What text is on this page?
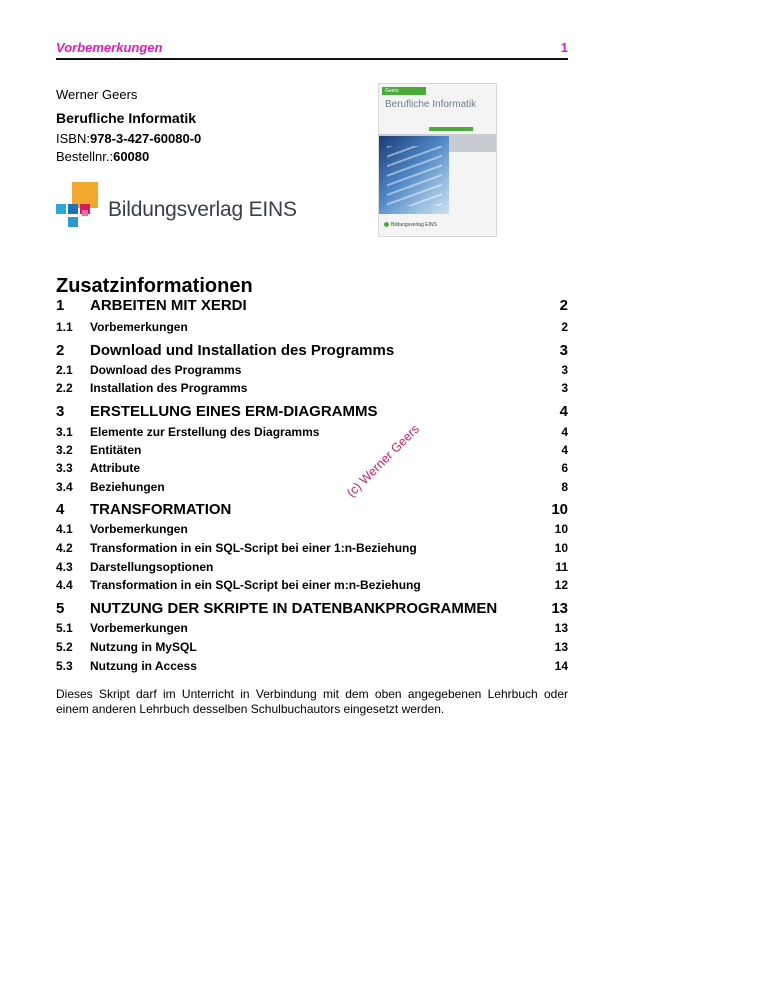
Vorbemerkungen	1
Werner Geers
Berufliche Informatik
ISBN:978-3-427-60080-0
Bestellnr.:60080
Bildungsverlag EINS
Geers
Berufliche Informatik
Bildungsverlag EINS
Zusatzinformationen
1 ARBEITEN MIT XERDI	2
1.1 Vorbemerkungen	2
2 Download und Installation des Programms	3
2.1 Download des Programms	3
2.2 Installation des Programms	3
3 ERSTELLUNG EINES ERM-DIAGRAMMS	4
3.1 Elemente zur Erstellung des Diagramms	4
3.2 Entitäten	4
3.3 Attribute	6
3.4 Beziehungen	8
4 TRANSFORMATION	10
4.1 Vorbemerkungen	10
4.2 Transformation in ein SQL-Script bei einer 1:n-Beziehung	10
4.3 Darstellungsoptionen	11
4.4 Transformation in ein SQL-Script bei einer m:n-Beziehung	12
5 NUTZUNG DER SKRIPTE IN DATENBANKPROGRAMMEN	13
5.1 Vorbemerkungen	13
5.2 Nutzung in MySQL	13
5.3 Nutzung in Access	14
Dieses Skript darf im Unterricht in Verbindung mit dem oben angegebenen Lehrbuch oder einem anderen Lehrbuch desselben Schulbuchautors eingesetzt werden.
(c) Werner Geers
